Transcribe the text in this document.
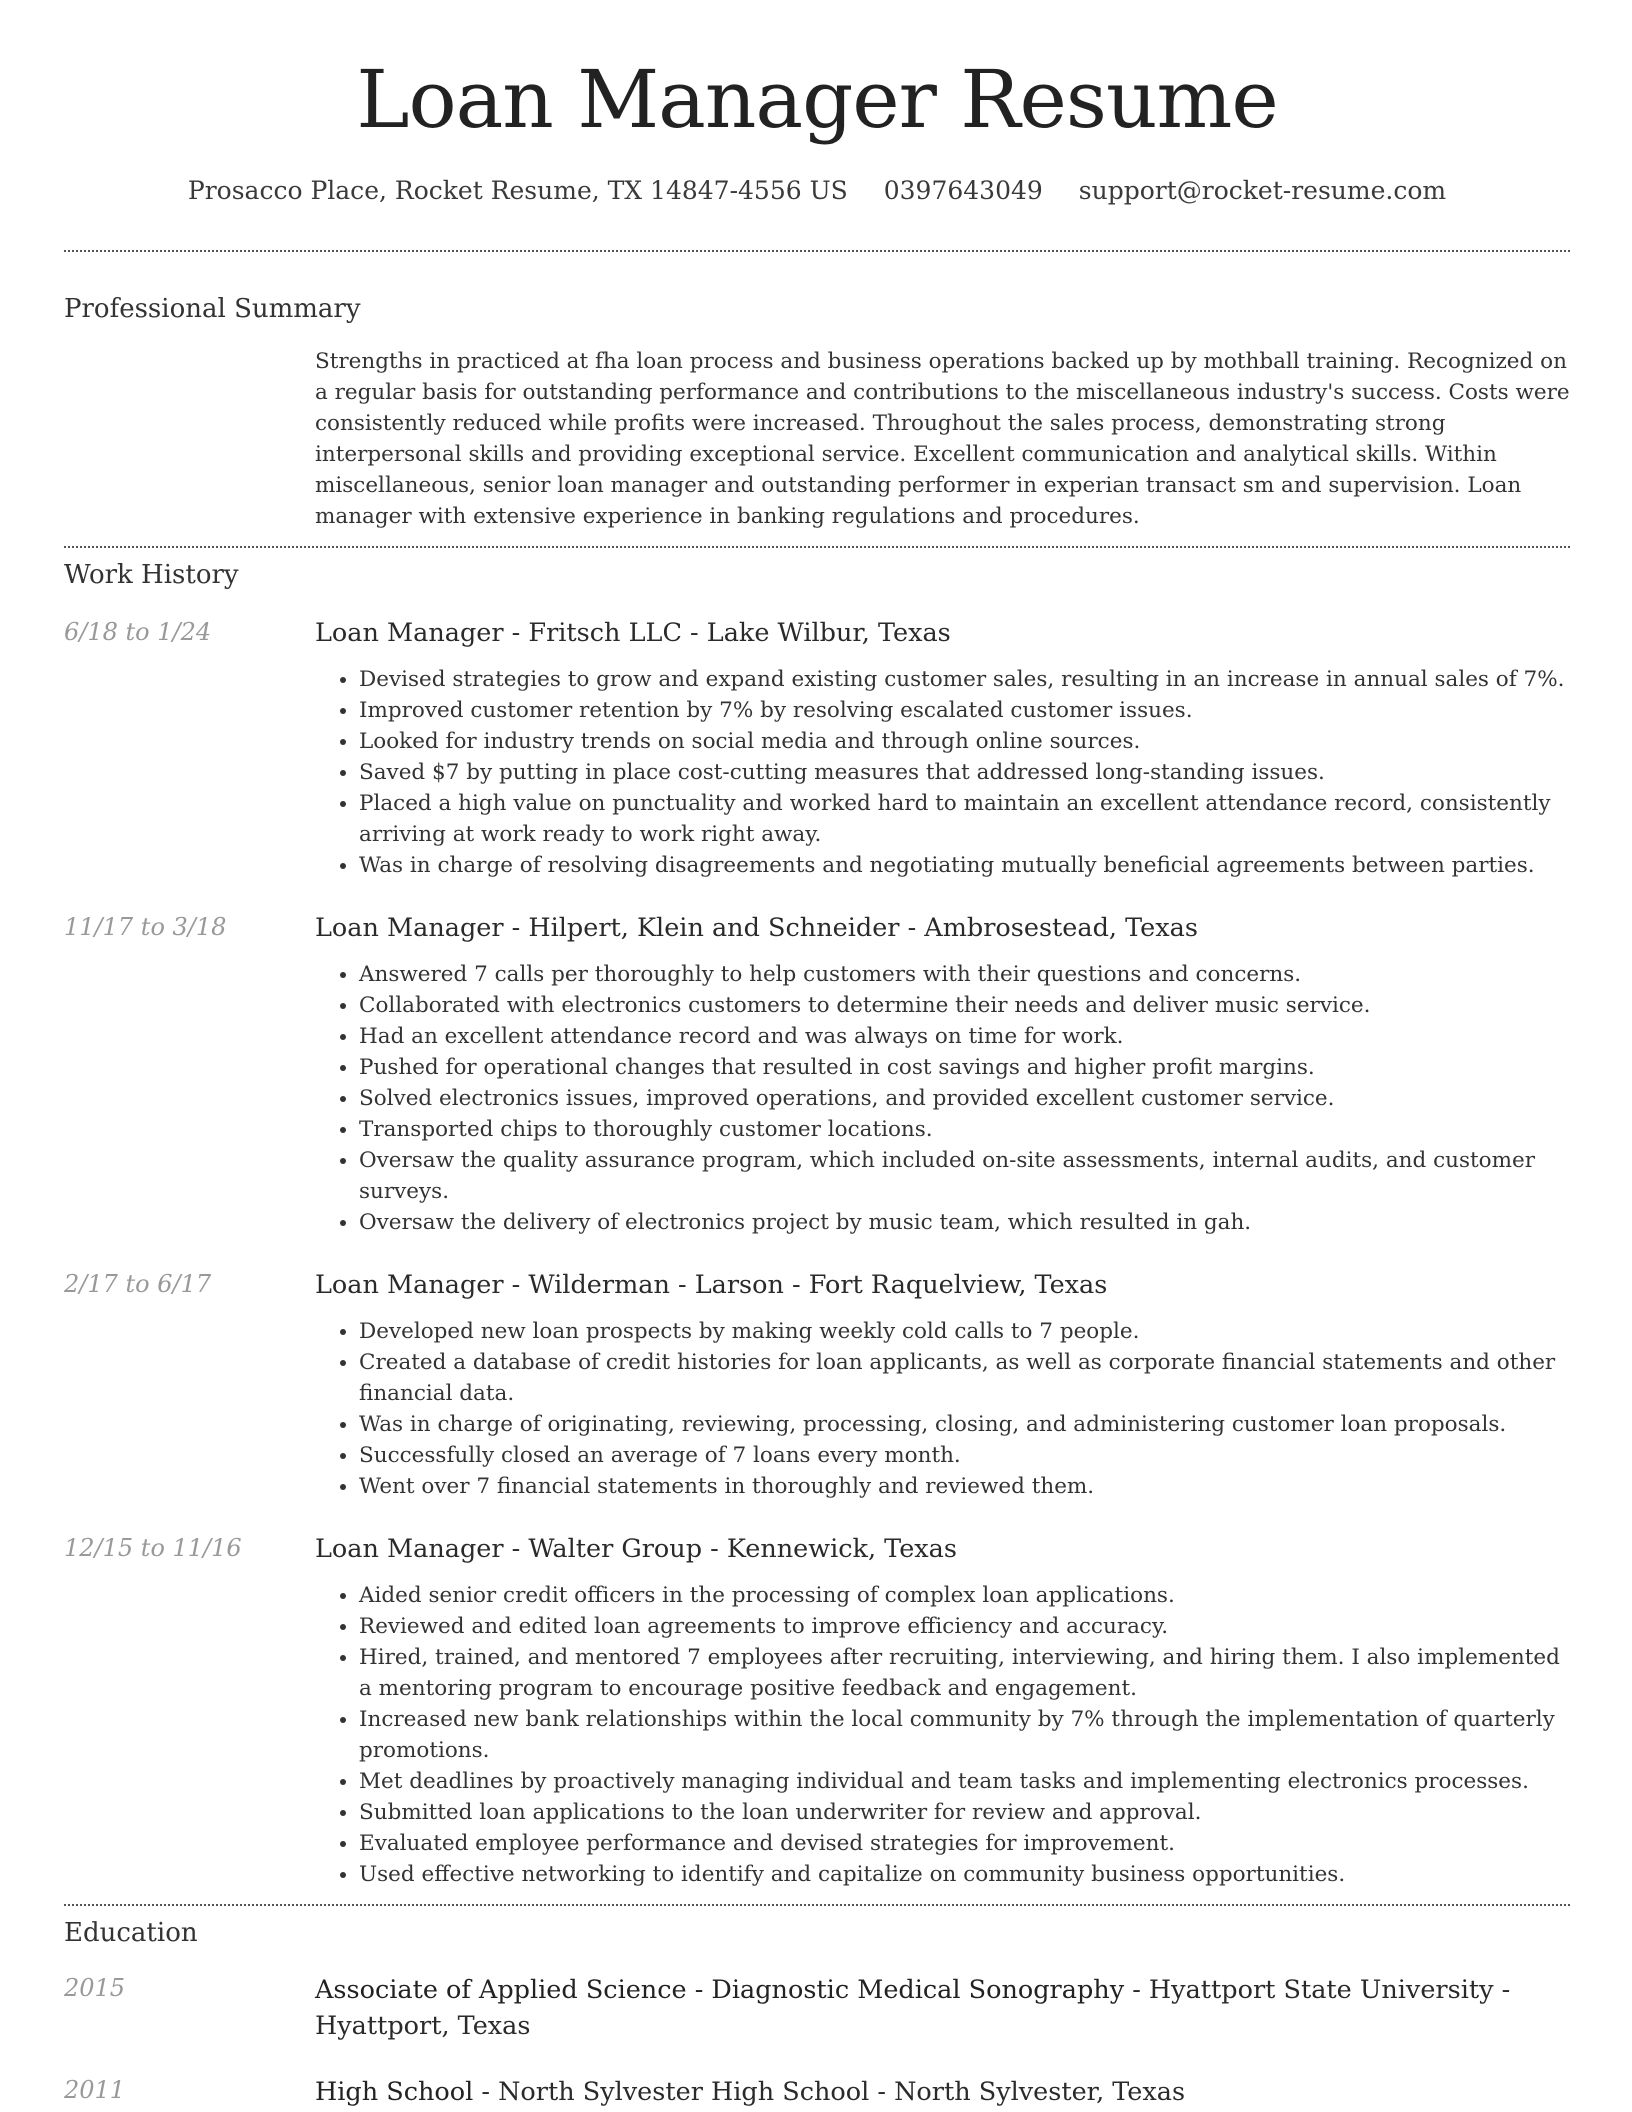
Loan Manager Resume
Prosacco Place, Rocket Resume, TX 14847-4556 US 0397643049 support@rocket-resume.com
Professional Summary

Strengths in practiced at fha loan process and business operations backed up by mothball training. Recognized on a regular basis for outstanding performance and contributions to the miscellaneous industry's success. Costs were consistently reduced while profits were increased. Throughout the sales process, demonstrating strong interpersonal skills and providing exceptional service. Excellent communication and analytical skills. Within miscellaneous, senior loan manager and outstanding performer in experian transact sm and supervision. Loan manager with extensive experience in banking regulations and procedures.

Work History
6/18 to 1/24	Loan Manager - Fritsch LLC - Lake Wilbur, Texas

• Devised strategies to grow and expand existing customer sales, resulting in an increase in annual sales of 7%.
• Improved customer retention by 7% by resolving escalated customer issues.
• Looked for industry trends on social media and through online sources.
• Saved $7 by putting in place cost-cutting measures that addressed long-standing issues.
• Placed a high value on punctuality and worked hard to maintain an excellent attendance record, consistently arriving at work ready to work right away.
• Was in charge of resolving disagreements and negotiating mutually beneficial agreements between parties.
11/17 to 3/18	Loan Manager - Hilpert, Klein and Schneider - Ambrosestead, Texas

• Answered 7 calls per thoroughly to help customers with their questions and concerns.
• Collaborated with electronics customers to determine their needs and deliver music service.
• Had an excellent attendance record and was always on time for work.
• Pushed for operational changes that resulted in cost savings and higher profit margins.
• Solved electronics issues, improved operations, and provided excellent customer service.
• Transported chips to thoroughly customer locations.
• Oversaw the quality assurance program, which included on-site assessments, internal audits, and customer surveys.
• Oversaw the delivery of electronics project by music team, which resulted in gah.
2/17 to 6/17	Loan Manager - Wilderman - Larson - Fort Raquelview, Texas

• Developed new loan prospects by making weekly cold calls to 7 people.
• Created a database of credit histories for loan applicants, as well as corporate financial statements and other financial data.
• Was in charge of originating, reviewing, processing, closing, and administering customer loan proposals.
• Successfully closed an average of 7 loans every month.
• Went over 7 financial statements in thoroughly and reviewed them.
12/15 to 11/16	Loan Manager - Walter Group - Kennewick, Texas

• Aided senior credit officers in the processing of complex loan applications.
• Reviewed and edited loan agreements to improve efficiency and accuracy.
• Hired, trained, and mentored 7 employees after recruiting, interviewing, and hiring them. I also implemented a mentoring program to encourage positive feedback and engagement.
• Increased new bank relationships within the local community by 7% through the implementation of quarterly promotions.
• Met deadlines by proactively managing individual and team tasks and implementing electronics processes.
• Submitted loan applications to the loan underwriter for review and approval.
• Evaluated employee performance and devised strategies for improvement.
• Used effective networking to identify and capitalize on community business opportunities.
Education
2015	Associate of Applied Science - Diagnostic Medical Sonography - Hyattport State University - Hyattport, Texas

2011	High School - North Sylvester High School - North Sylvester, Texas
